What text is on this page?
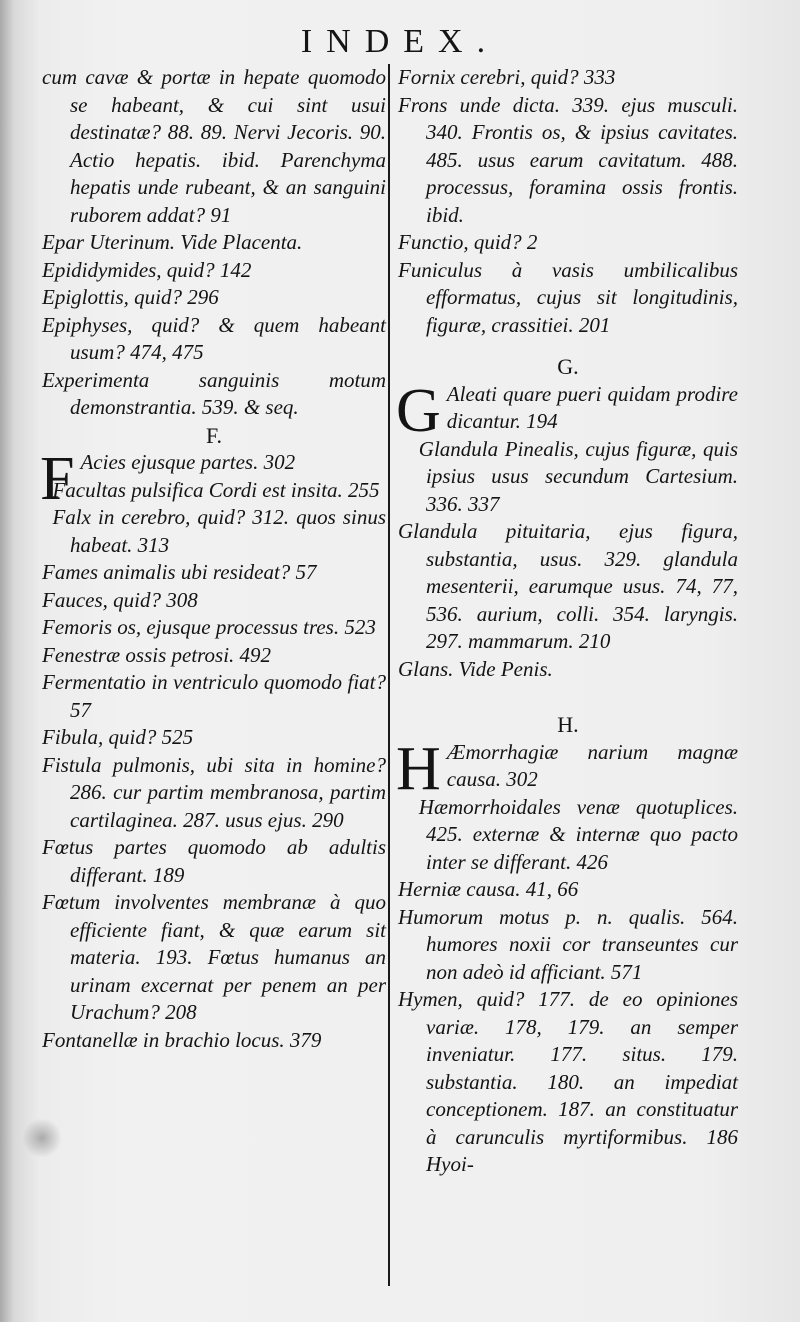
INDEX.

cum cavæ & portæ in hepate quomodo se habeant, & cui sint usui destinatæ? 88. 89. Nervi Jecoris. 90. Actio hepatis. ibid. Parenchyma hepatis unde rubeant, & an sanguini ruborem addat? 91

Epar Uterinum. Vide Placenta.

Epididymides, quid? 142

Epiglottis, quid? 296

Epiphyses, quid? & quem habeant usum? 474, 475

Experimenta sanguinis motum demonstrantia. 539. & seq.

F.

F Acies ejusque partes. 302

Facultas pulsifica Cordi est insita. 255

Falx in cerebro, quid? 312. quos sinus habeat. 313

Fames animalis ubi resideat? 57

Fauces, quid? 308

Femoris os, ejusque processus tres. 523

Fenestræ ossis petrosi. 492

Fermentatio in ventriculo quomodo fiat? 57

Fibula, quid? 525

Fistula pulmonis, ubi sita in homine? 286. cur partim membranosa, partim cartilaginea. 287. usus ejus. 290

Fœtus partes quomodo ab adultis differant. 189

Fœtum involventes membranæ à quo efficiente fiant, & quæ earum sit materia. 193. Fœtus humanus an urinam excernat per penem an per Urachum? 208

Fontanellæ in brachio locus. 379

Fornix cerebri, quid? 333

Frons unde dicta. 339. ejus musculi. 340. Frontis os, & ipsius cavitates. 485. usus earum cavitatum. 488. processus, foramina ossis frontis. ibid.

Functio, quid? 2

Funiculus à vasis umbilicalibus efformatus, cujus sit longitudinis, figuræ, crassitiei. 201

G.

G Aleati quare pueri quidam prodire dicantur. 194

Glandula Pinealis, cujus figuræ, quis ipsius usus secundum Cartesium. 336. 337

Glandula pituitaria, ejus figura, substantia, usus. 329. glandula mesenterii, earumque usus. 74, 77, 536. aurium, colli. 354. laryngis. 297. mammarum. 210

Glans. Vide Penis.

H.

H Æmorrhagiæ narium magnæ causa. 302

Hæmorrhoidales venæ quotuplices. 425. externæ & internæ quo pacto inter se differant. 426

Herniæ causa. 41, 66

Humorum motus p. n. qualis. 564. humores noxii cor transeuntes cur non adeò id afficiant. 571

Hymen, quid? 177. de eo opiniones variæ. 178, 179. an semper inveniatur. 177. situs. 179. substantia. 180. an impediat conceptionem. 187. an constituatur à carunculis myrtiformibus. 186 Hyoi-
